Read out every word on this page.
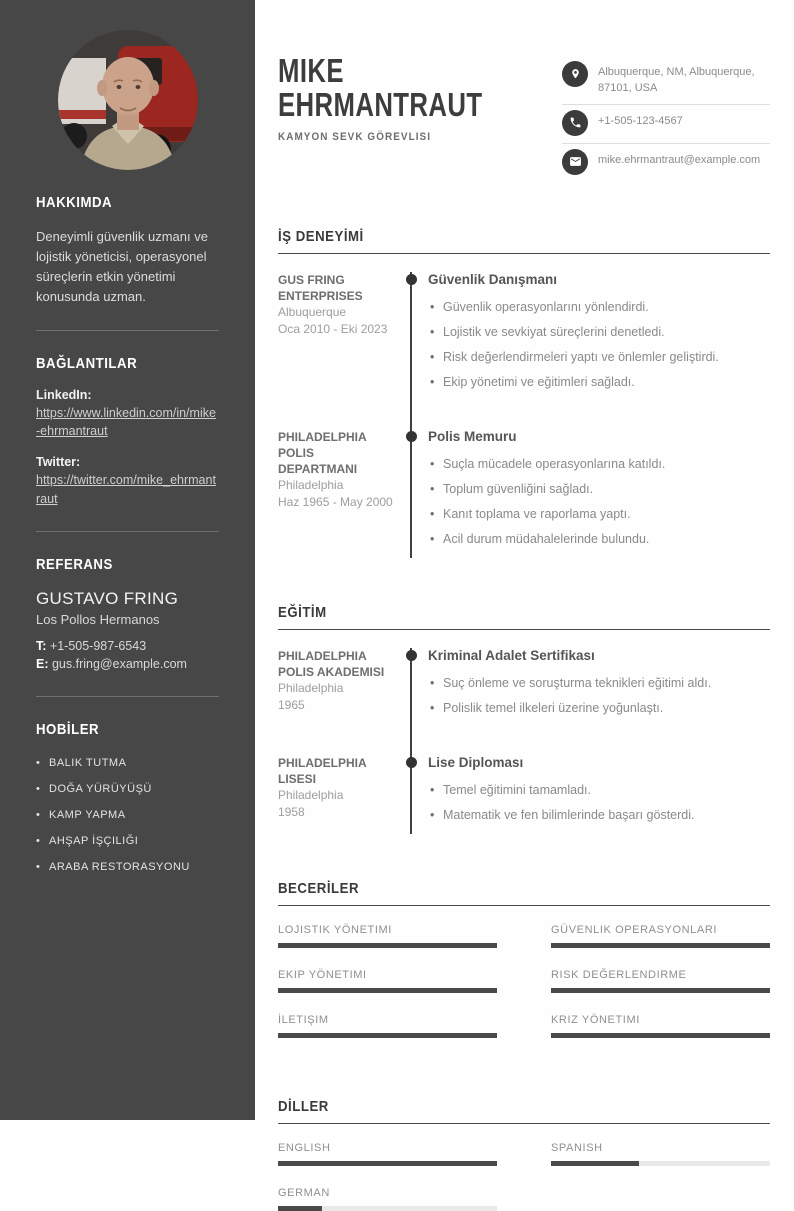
HAKKIMDA

Deneyimli güvenlik uzmanı ve lojistik yöneticisi, operasyonel süreçlerin etkin yönetimi konusunda uzman.

BAĞLANTILAR
LinkedIn:
https://www.linkedin.com/in/mike-ehrmantraut
Twitter:
https://twitter.com/mike_ehrmantraut
REFERANS
GUSTAVO FRING
Los Pollos Hermanos
T: +1-505-987-6543
E: gus.fring@example.com
HOBİLER
• BALIK TUTMA
• DOĞA YÜRÜYÜŞÜ
• KAMP YAPMA
• AHŞAP İŞÇILIĞI
• ARABA RESTORASYONU
MIKE
EHRMANTRAUT
KAMYON SEVK GÖREVLISI
Albuquerque, NM, Albuquerque, 87101, USA
+1-505-123-4567
mike.ehrmantraut@example.com
İŞ DENEYİMİ
GUS FRING ENTERPRISES
Albuquerque
Oca 2010 - Eki 2023
Güvenlik Danışmanı
• Güvenlik operasyonlarını yönlendirdi.
• Lojistik ve sevkiyat süreçlerini denetledi.
• Risk değerlendirmeleri yaptı ve önlemler geliştirdi.
• Ekip yönetimi ve eğitimleri sağladı.
PHILADELPHIA POLIS DEPARTMANI
Philadelphia
Haz 1965 - May 2000
Polis Memuru
• Suçla mücadele operasyonlarına katıldı.
• Toplum güvenliğini sağladı.
• Kanıt toplama ve raporlama yaptı.
• Acil durum müdahalelerinde bulundu.
EĞİTİM
PHILADELPHIA POLIS AKADEMISI
Philadelphia
1965
Kriminal Adalet Sertifikası
• Suç önleme ve soruşturma teknikleri eğitimi aldı.
• Polislik temel ilkeleri üzerine yoğunlaştı.
PHILADELPHIA LISESI
Philadelphia
1958
Lise Diploması
• Temel eğitimini tamamladı.
• Matematik ve fen bilimlerinde başarı gösterdi.
BECERİLER
LOJISTIK YÖNETIMI	GÜVENLIK OPERASYONLARI
EKIP YÖNETIMI	RISK DEĞERLENDIRME
İLETIŞIM	KRIZ YÖNETIMI
DİLLER
ENGLISH	SPANISH
GERMAN
